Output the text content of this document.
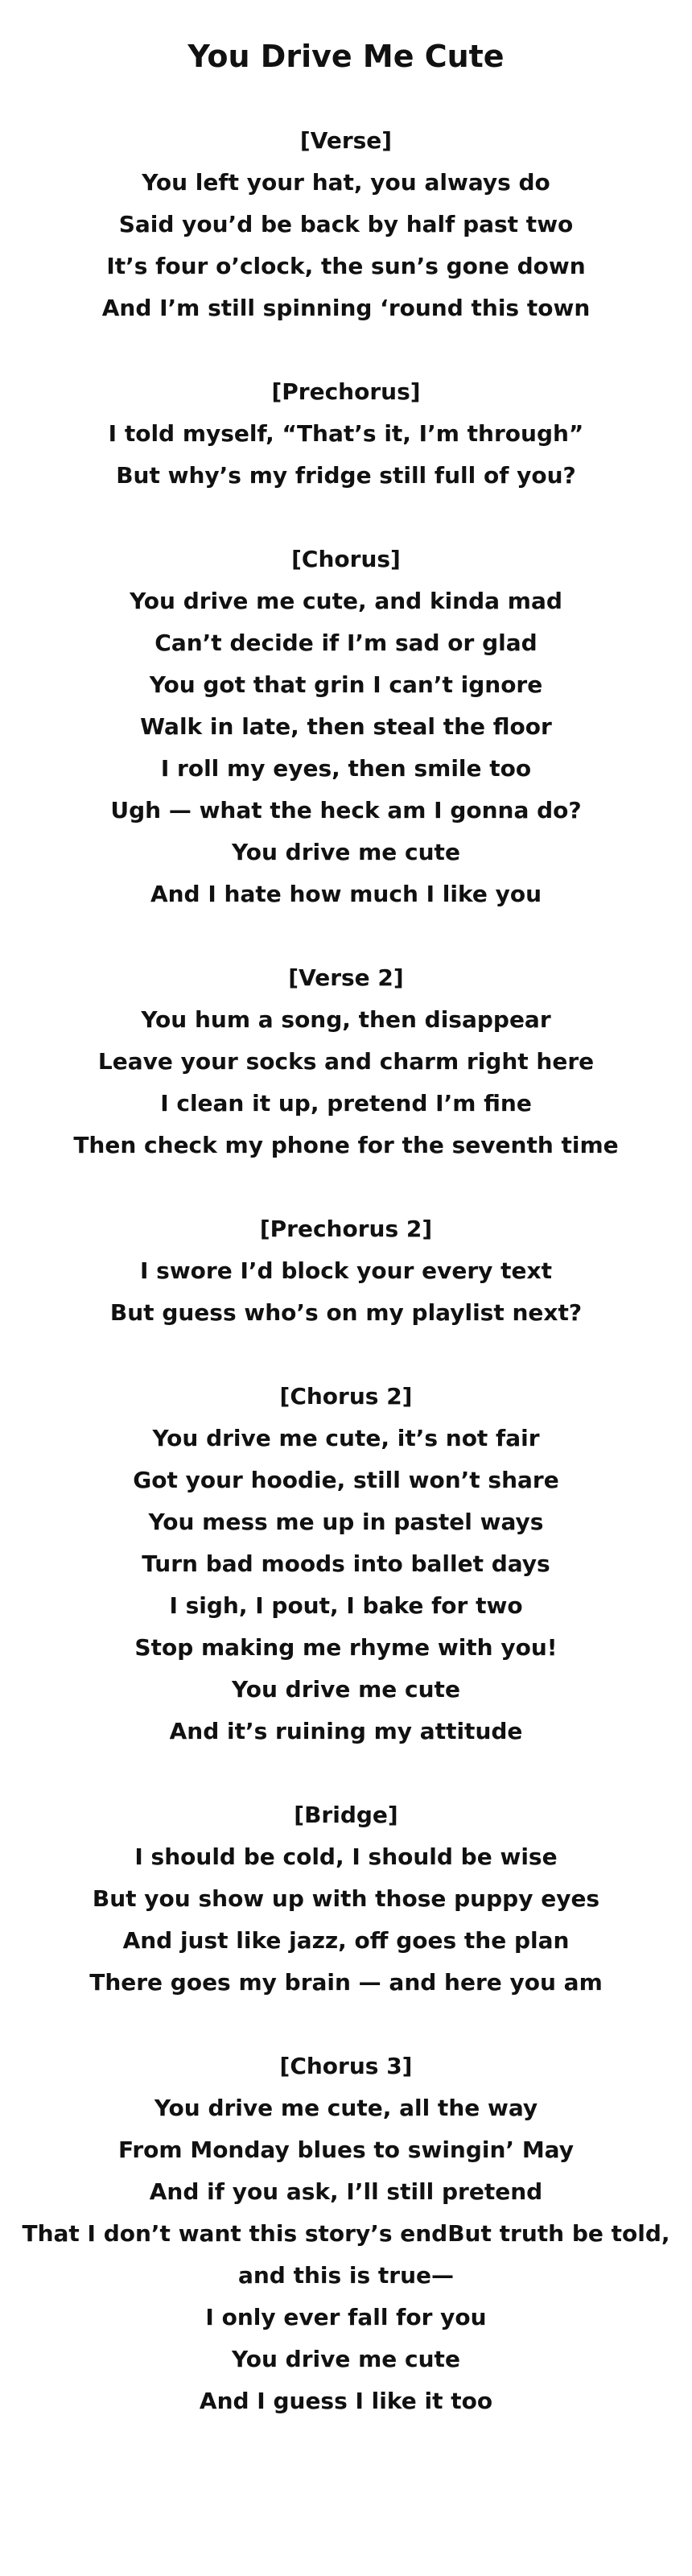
You Drive Me Cute
[Verse]
You left your hat, you always do
Said you’d be back by half past two
It’s four o’clock, the sun’s gone down
And I’m still spinning ‘round this town
[Prechorus]
I told myself, “That’s it, I’m through”
But why’s my fridge still full of you?
[Chorus]
You drive me cute, and kinda mad
Can’t decide if I’m sad or glad
You got that grin I can’t ignore
Walk in late, then steal the floor
I roll my eyes, then smile too
Ugh — what the heck am I gonna do?
You drive me cute
And I hate how much I like you
[Verse 2]
You hum a song, then disappear
Leave your socks and charm right here
I clean it up, pretend I’m fine
Then check my phone for the seventh time
[Prechorus 2]
I swore I’d block your every text
But guess who’s on my playlist next?
[Chorus 2]
You drive me cute, it’s not fair
Got your hoodie, still won’t share
You mess me up in pastel ways
Turn bad moods into ballet days
I sigh, I pout, I bake for two
Stop making me rhyme with you!
You drive me cute
And it’s ruining my attitude
[Bridge]
I should be cold, I should be wise
But you show up with those puppy eyes
And just like jazz, off goes the plan
There goes my brain — and here you am
[Chorus 3]
You drive me cute, all the way
From Monday blues to swingin’ May
And if you ask, I’ll still pretend
That I don’t want this story’s endBut truth be told,
and this is true—
I only ever fall for you
You drive me cute
And I guess I like it too
